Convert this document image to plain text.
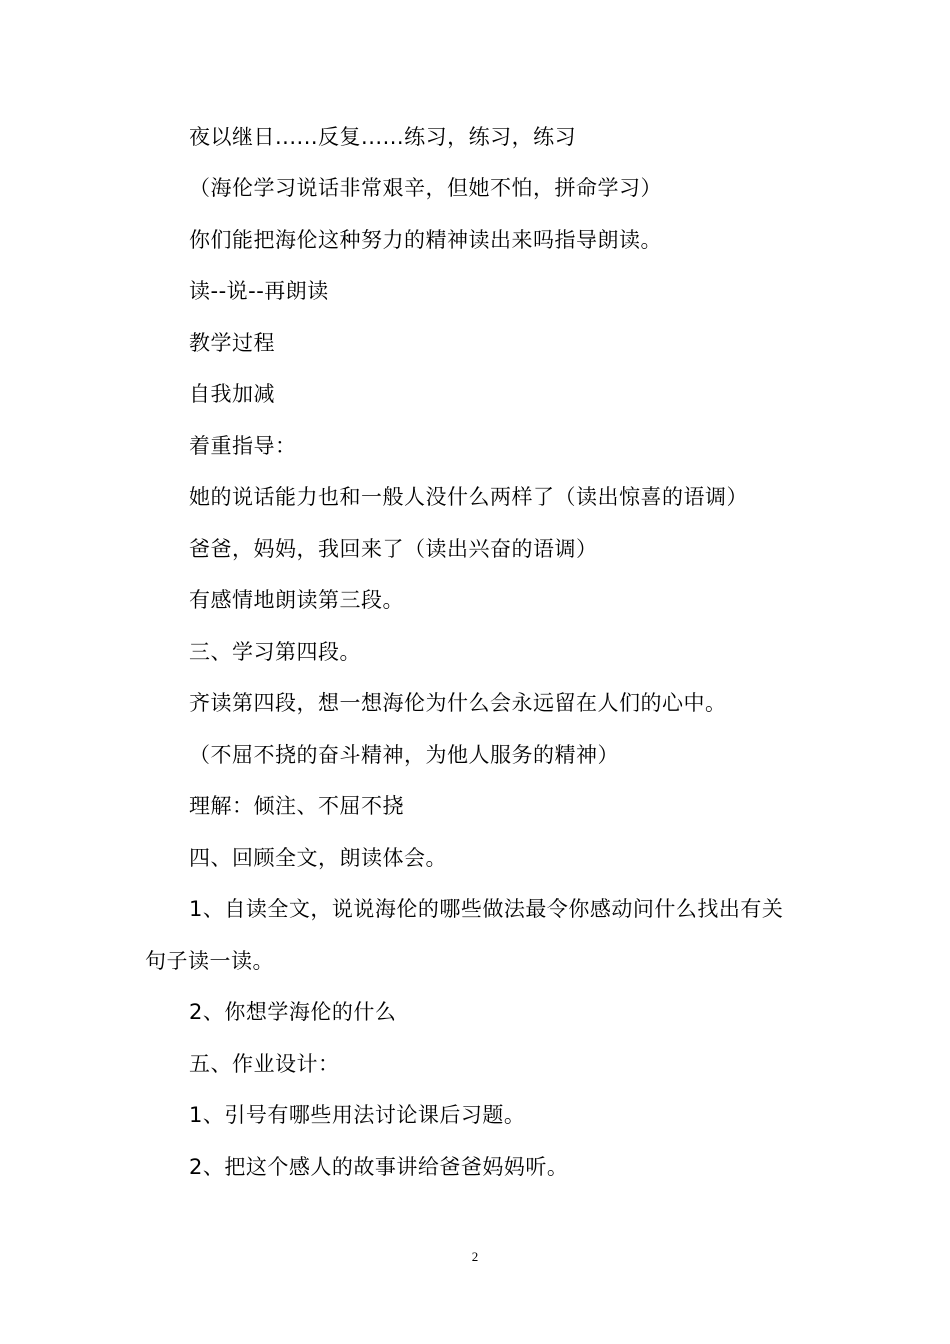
夜以继日......反复......练习，练习，练习
（海伦学习说话非常艰辛，但她不怕，拼命学习）
你们能把海伦这种努力的精神读出来吗指导朗读。
读--说--再朗读
教学过程
自我加减
着重指导：
她的说话能力也和一般人没什么两样了（读出惊喜的语调）
爸爸，妈妈，我回来了（读出兴奋的语调）
有感情地朗读第三段。
三、学习第四段。
齐读第四段，想一想海伦为什么会永远留在人们的心中。
（不屈不挠的奋斗精神，为他人服务的精神）
理解：倾注、不屈不挠
四、回顾全文，朗读体会。
1、自读全文，说说海伦的哪些做法最令你感动问什么找出有关
句子读一读。
2、你想学海伦的什么
五、作业设计：
1、引号有哪些用法讨论课后习题。
2、把这个感人的故事讲给爸爸妈妈听。
2
